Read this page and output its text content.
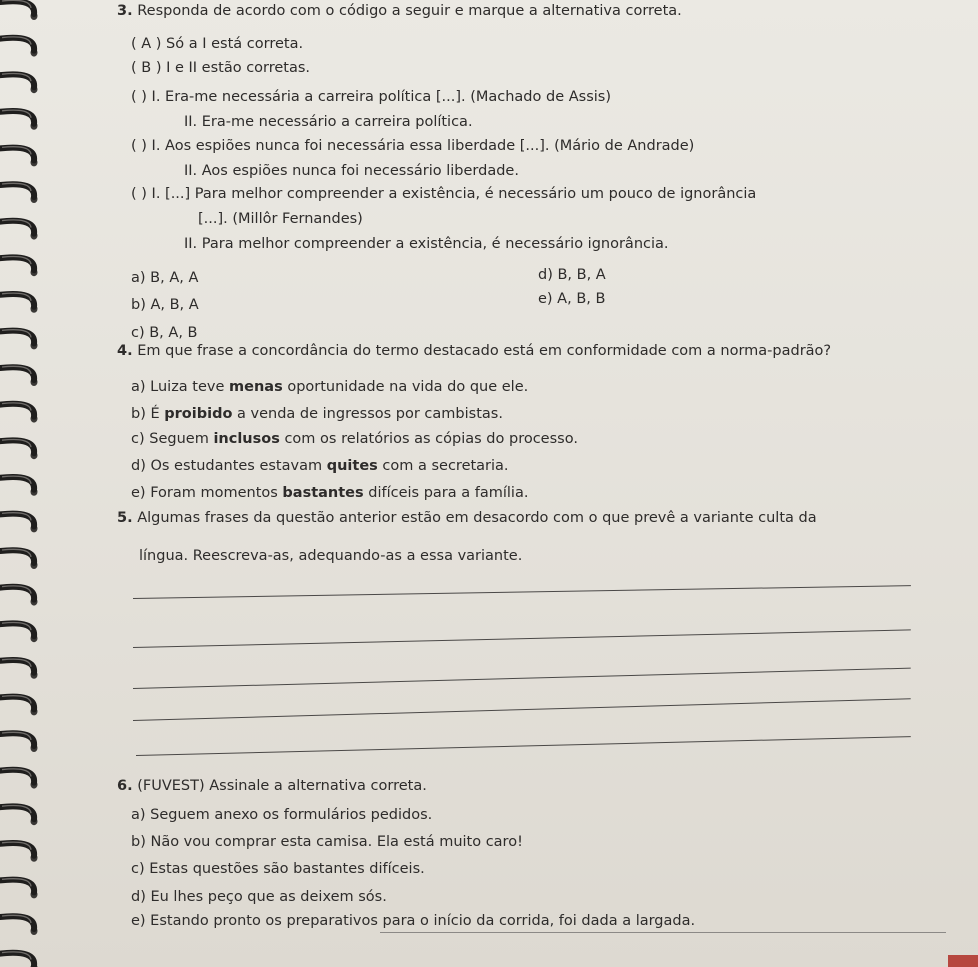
3. Responda de acordo com o código a seguir e marque a alternativa correta.
( A ) Só a I está correta.
( B ) I e II estão corretas.
( ) I. Era-me necessária a carreira política [...]. (Machado de Assis)
II. Era-me necessário a carreira política.
( ) I. Aos espiões nunca foi necessária essa liberdade [...]. (Mário de Andrade)
II. Aos espiões nunca foi necessário liberdade.
( ) I. [...] Para melhor compreender a existência, é necessário um pouco de ignorância
[...]. (Millôr Fernandes)
II. Para melhor compreender a existência, é necessário ignorância.
a) B, A, A
b) A, B, A
c) B, A, B
d) B, B, A
e) A, B, B
4. Em que frase a concordância do termo destacado está em conformidade com a norma-padrão?
a) Luiza teve menas oportunidade na vida do que ele.
b) É proibido a venda de ingressos por cambistas.
c) Seguem inclusos com os relatórios as cópias do processo.
d) Os estudantes estavam quites com a secretaria.
e) Foram momentos bastantes difíceis para a família.
5. Algumas frases da questão anterior estão em desacordo com o que prevê a variante culta da
língua. Reescreva-as, adequando-as a essa variante.
6. (FUVEST) Assinale a alternativa correta.
a) Seguem anexo os formulários pedidos.
b) Não vou comprar esta camisa. Ela está muito caro!
c) Estas questões são bastantes difíceis.
d) Eu lhes peço que as deixem sós.
e) Estando pronto os preparativos para o início da corrida, foi dada a largada.
